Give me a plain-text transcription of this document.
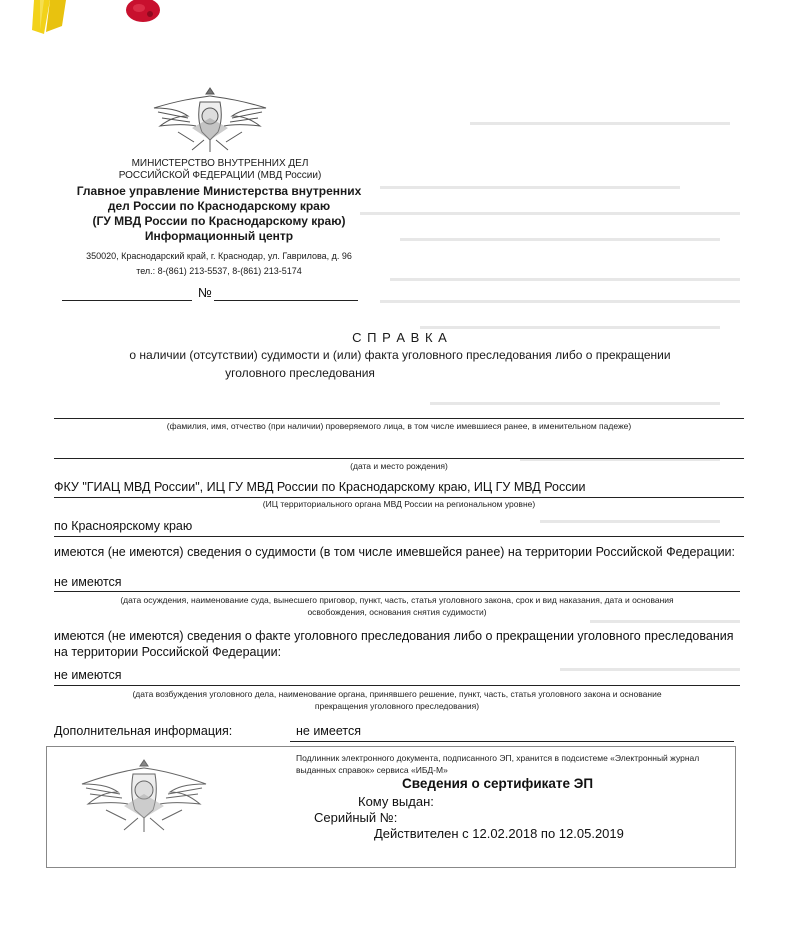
МИНИСТЕРСТВО ВНУТРЕННИХ ДЕЛ
РОССИЙСКОЙ ФЕДЕРАЦИИ (МВД России)
Главное управление Министерства внутренних
дел России по Краснодарскому краю
(ГУ МВД России по Краснодарскому краю)
Информационный центр
350020, Краснодарский край, г. Краснодар, ул. Гаврилова, д. 96
тел.: 8-(861) 213-5537, 8-(861) 213-5174
№
С П Р А В К А
о наличии (отсутствии) судимости и (или) факта уголовного преследования либо о прекращении
уголовного преследования
(фамилия, имя, отчество (при наличии) проверяемого лица, в том числе имевшиеся ранее, в именительном падеже)
(дата и место рождения)
ФКУ "ГИАЦ МВД России", ИЦ ГУ МВД России по Краснодарскому краю, ИЦ ГУ МВД России
(ИЦ территориального органа МВД России на региональном уровне)
по Красноярскому краю
имеются (не имеются) сведения о судимости (в том числе имевшейся ранее) на территории Российской Федерации:
не имеются
(дата осуждения, наименование суда, вынесшего приговор, пункт, часть, статья уголовного закона, срок и вид наказания, дата и основания
освобождения, основания снятия судимости)
имеются (не имеются) сведения о факте уголовного преследования либо о прекращении уголовного преследования
на территории Российской Федерации:
не имеются
(дата возбуждения уголовного дела, наименование органа, принявшего решение, пункт, часть, статья уголовного закона и основание
прекращения уголовного преследования)
Дополнительная информация:	не имеется
Подлинник электронного документа, подписанного ЭП, хранится в подсистеме «Электронный журнал
выданных справок» сервиса «ИБД-М»
Сведения о сертификате ЭП
Кому выдан:
Серийный №:
Действителен с 12.02.2018 по 12.05.2019
